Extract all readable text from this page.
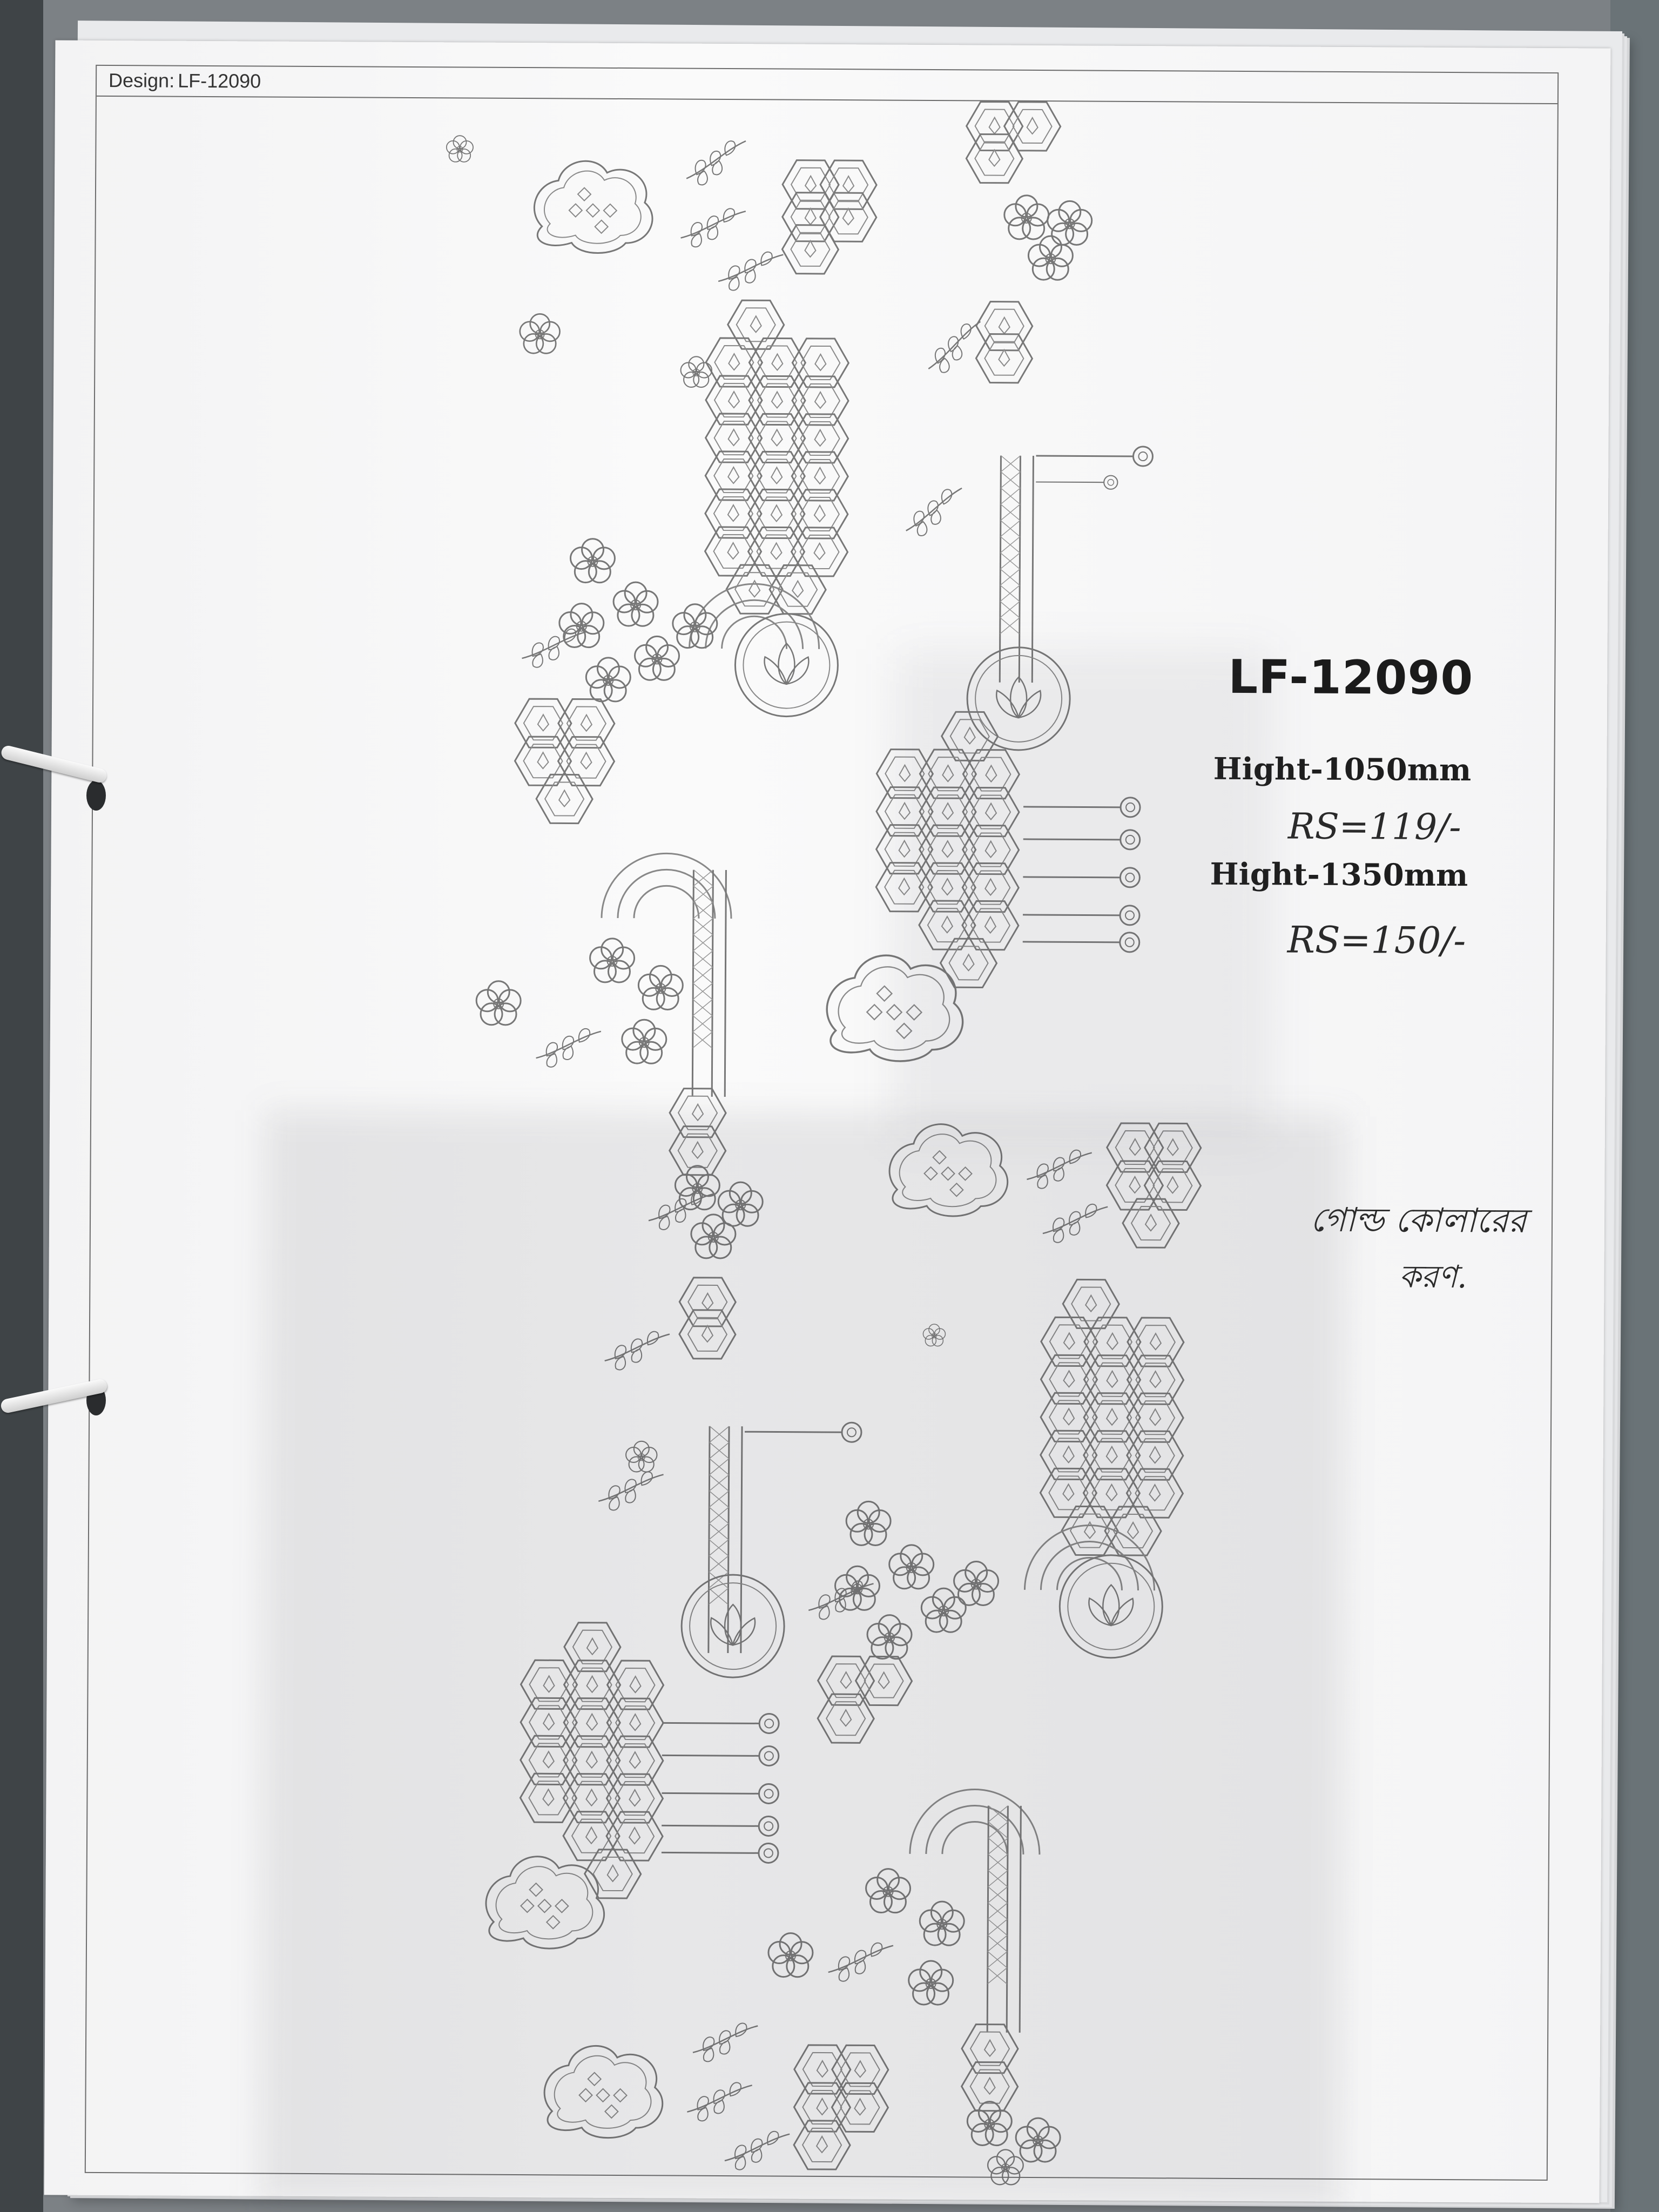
Design: LF-12090
LF-12090
Hight-1050mm
RS=119/-
Hight-1350mm
RS=150/-
গোল্ড কোলারের
করণ.
